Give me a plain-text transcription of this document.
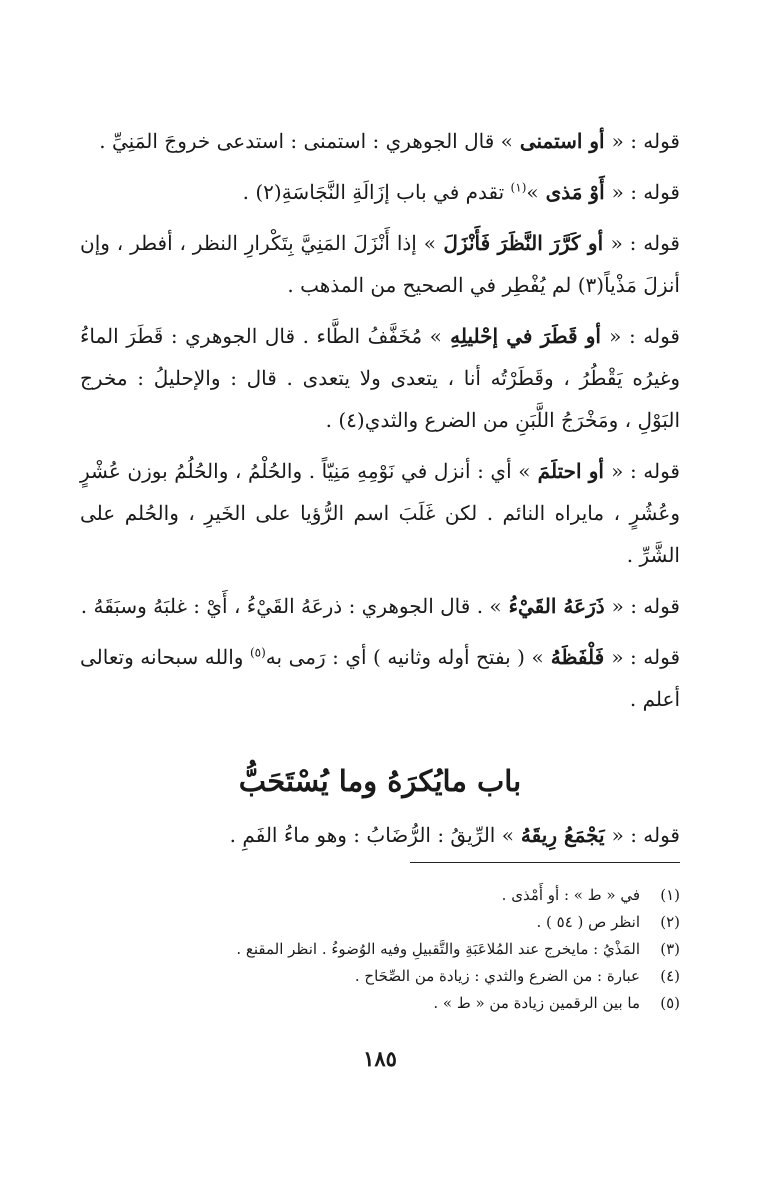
قوله : « أو استمنى » قال الجوهري : استمنى : استدعى خروجَ المَنِيِّ .

قوله : « أَوْ مَذى »$^{(١)}$ تقدم في باب إزَالَةِ النَّجَاسَةِ(٢) .

قوله : « أو كَرَّرَ النَّظَرَ فَأَنْزَلَ » إذا أَنْزَلَ المَنِيَّ بِتَكْرارِ النظر ، أفطر ، وإن أنزلَ مَذْياً(٣) لم يُفْطِر في الصحيح من المذهب .

قوله : « أو قَطَرَ في إحْليلِهِ » مُخَفَّفُ الطَّاء . قال الجوهري : قَطَرَ الماءُ وغيرُه يَقْطُرُ ، وقَطَرْتُه أنا ، يتعدى ولا يتعدى . قال : والإحليلُ : مخرج البَوْلِ ، ومَخْرَجُ اللَّبَنِ من الضرع والثدي(٤) .

قوله : « أو احتلَمَ » أي : أنزل في نَوْمِهِ مَنِيّاً . والحُلْمُ ، والحُلُمُ بوزن عُشْرٍ وعُشُرٍ ، مايراه النائم . لكن غَلَبَ اسم الرُّؤيا على الخَيرِ ، والحُلم على الشَّرِّ .

قوله : « ذَرَعَهُ القَيْءُ » . قال الجوهري : ذرعَهُ القَيْءُ ، أَيْ : غلبَهُ وسبَقَهُ .

قوله : « فَلْفَظَهُ » ( بفتح أوله وثانيه ) أي : رَمى به$^{(٥)}$ والله سبحانه وتعالى أعلم .

باب مايُكرَهُ وما يُسْتَحَبُّ

قوله : « يَجْمَعُ رِيقَهُ » الرِّيقُ : الرُّضَابُ : وهو ماءُ الفَمِ .

(١)في « ط » : أو أَمْذى .
(٢)انظر ص ( ٥٤ ) .
(٣)المَذْيُ : مايخرج عند المُلاعَبَةِ والتَّقبيلِ وفيه الوُضوءُ . انظر المقنع .
(٤)عبارة : من الضرع والثدي : زيادة من الصِّحَاح .
(٥)ما بين الرقمين زيادة من « ط » .
١٨٥
